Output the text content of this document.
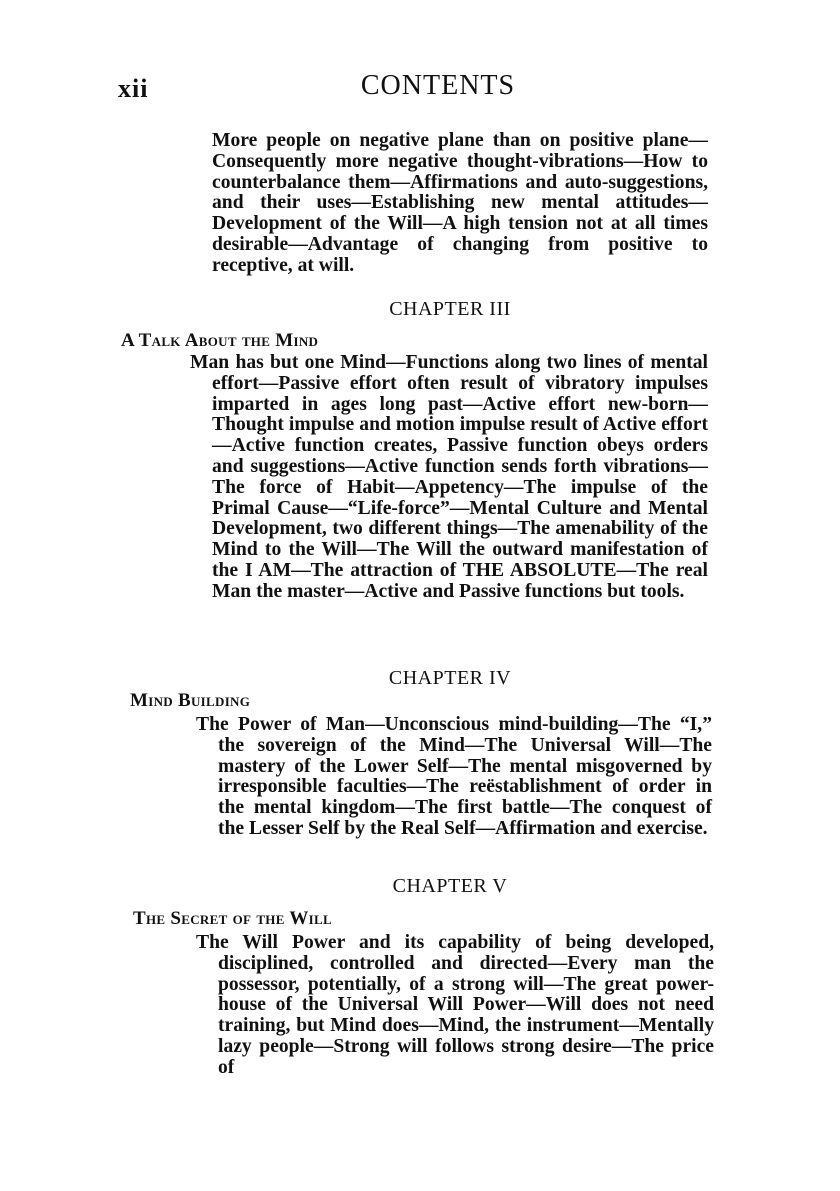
xii	CONTENTS

More people on negative plane than on positive plane—Consequently more negative thought-vibrations—How to counterbalance them—Affirmations and auto-suggestions, and their uses—Establishing new mental attitudes—Development of the Will—A high tension not at all times desirable—Advantage of changing from positive to receptive, at will.

CHAPTER III
A Talk About the Mind

Man has but one Mind—Functions along two lines of mental effort—Passive effort often result of vibratory impulses imparted in ages long past—Active effort new-born—Thought impulse and motion impulse result of Active effort—Active function creates, Passive function obeys orders and suggestions—Active function sends forth vibrations—The force of Habit—Appetency—The impulse of the Primal Cause—“Life-force”—Mental Culture and Mental Development, two different things—The amenability of the Mind to the Will—The Will the outward manifestation of the I AM—The attraction of THE ABSOLUTE—The real Man the master—Active and Passive functions but tools.

CHAPTER IV
Mind Building

The Power of Man—Unconscious mind-building—The “I,” the sovereign of the Mind—The Universal Will—The mastery of the Lower Self—The mental misgoverned by irresponsible faculties—The reëstablishment of order in the mental kingdom—The first battle—The conquest of the Lesser Self by the Real Self—Affirmation and exercise.

CHAPTER V
The Secret of the Will

The Will Power and its capability of being developed, disciplined, controlled and directed—Every man the possessor, potentially, of a strong will—The great power-house of the Universal Will Power—Will does not need training, but Mind does—Mind, the instrument—Mentally lazy people—Strong will follows strong desire—The price of
